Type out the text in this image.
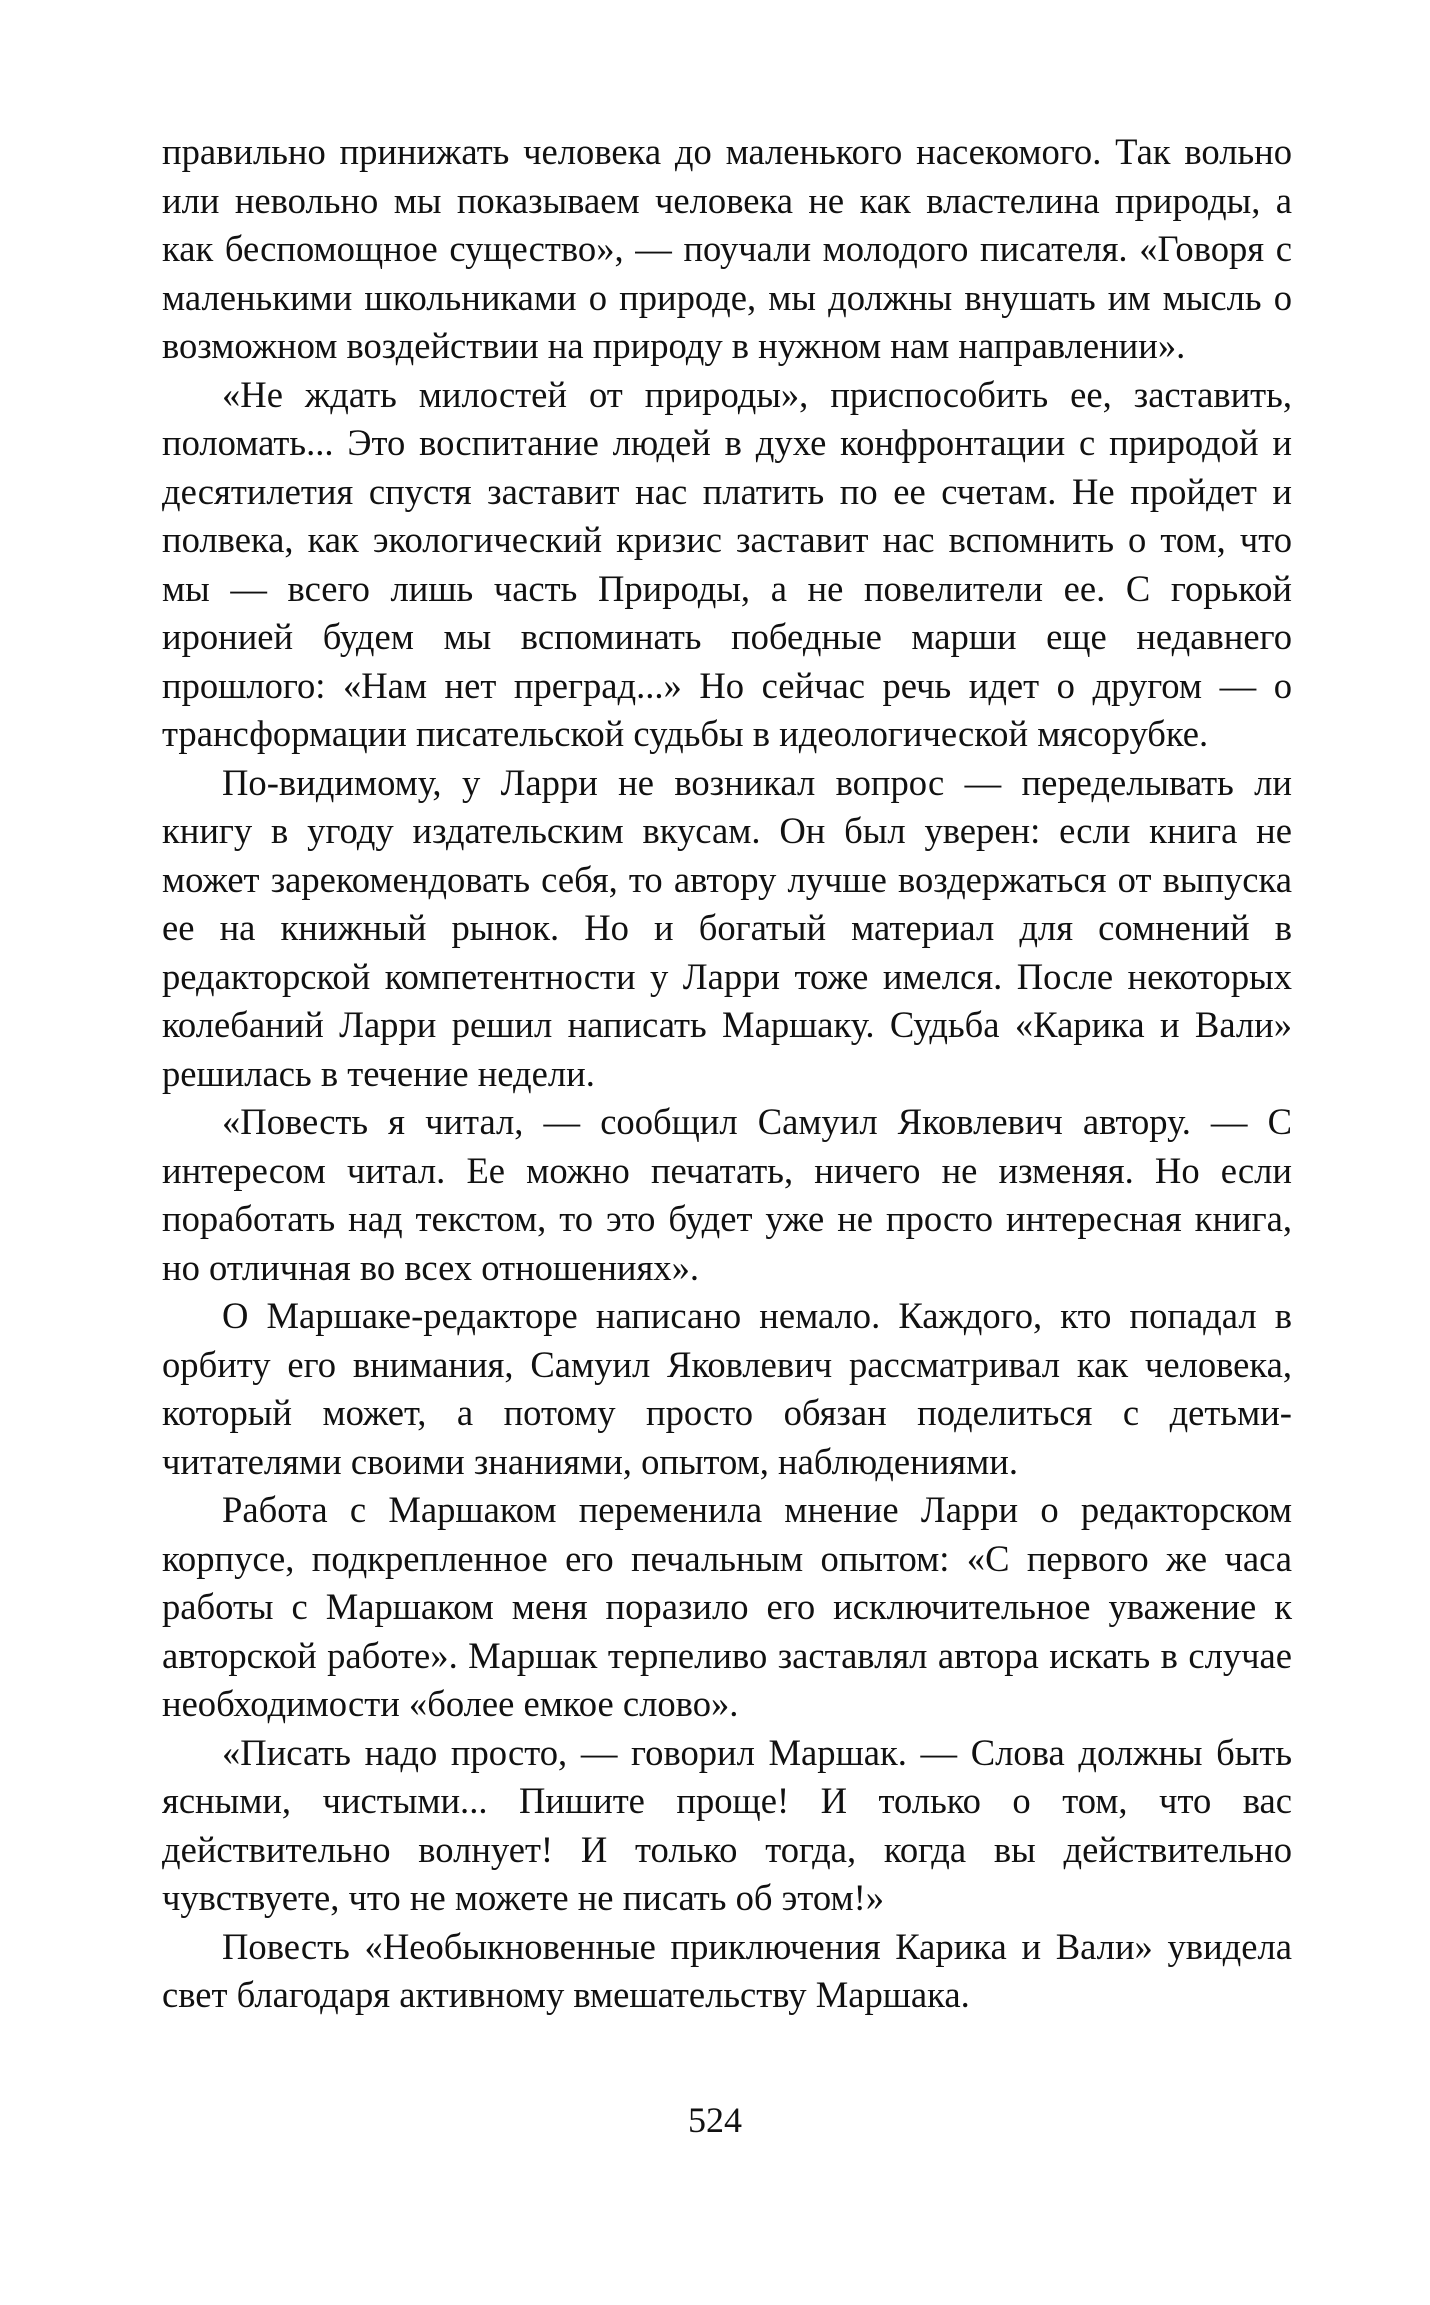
правильно принижать человека до маленького насекомого. Так вольно или невольно мы показываем человека не как властелина природы, а как беспомощное существо», — поучали молодого писателя. «Говоря с маленькими школьниками о природе, мы должны внушать им мысль о возможном воздействии на природу в нужном нам направлении».

«Не ждать милостей от природы», приспособить ее, заставить, поломать... Это воспитание людей в духе конфронтации с природой и десятилетия спустя заставит нас платить по ее счетам. Не пройдет и полвека, как экологический кризис заставит нас вспомнить о том, что мы — всего лишь часть Природы, а не повелители ее. С горькой иронией будем мы вспоминать победные марши еще недавнего прошлого: «Нам нет преград...» Но сейчас речь идет о другом — о трансформации писательской судьбы в идеологической мясорубке.

По-видимому, у Ларри не возникал вопрос — переделывать ли книгу в угоду издательским вкусам. Он был уверен: если книга не может зарекомендовать себя, то автору лучше воздержаться от выпуска ее на книжный рынок. Но и богатый материал для сомнений в редакторской компетентности у Ларри тоже имелся. После некоторых колебаний Ларри решил написать Маршаку. Судьба «Карика и Вали» решилась в течение недели.

«Повесть я читал, — сообщил Самуил Яковлевич автору. — С интересом читал. Ее можно печатать, ничего не изменяя. Но если поработать над текстом, то это будет уже не просто интересная книга, но отличная во всех отношениях».

О Маршаке-редакторе написано немало. Каждого, кто попадал в орбиту его внимания, Самуил Яковлевич рассматривал как человека, который может, а потому просто обязан поделиться с детьми-читателями своими знаниями, опытом, наблюдениями.

Работа с Маршаком переменила мнение Ларри о редакторском корпусе, подкрепленное его печальным опытом: «С первого же часа работы с Маршаком меня поразило его исключительное уважение к авторской работе». Маршак терпеливо заставлял автора искать в случае необходимости «более емкое слово».

«Писать надо просто, — говорил Маршак. — Слова должны быть ясными, чистыми... Пишите проще! И только о том, что вас действительно волнует! И только тогда, когда вы действительно чувствуете, что не можете не писать об этом!»

Повесть «Необыкновенные приключения Карика и Вали» увидела свет благодаря активному вмешательству Маршака.

524
